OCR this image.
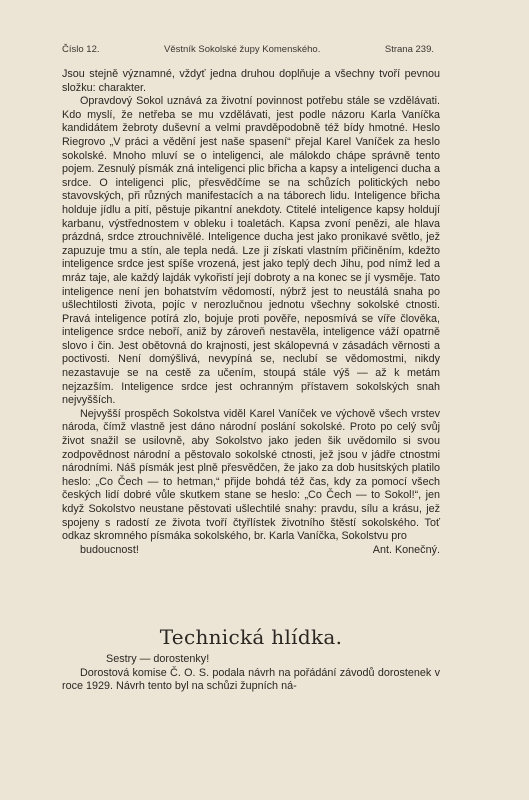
Číslo 12.	Věstník Sokolské župy Komenského.	Strana 239.

Jsou stejně významné, vždyť jedna druhou doplňuje a všechny tvoří pevnou složku: charakter.

Opravdový Sokol uznává za životní povinnost potřebu stále se vzdělávati. Kdo myslí, že netřeba se mu vzdělávati, jest podle názoru Karla Vaníčka kandidátem žebroty duševní a velmi pravděpodobně též bídy hmotné. Heslo Riegrovo „V práci a vědění jest naše spasení“ přejal Karel Vaníček za heslo sokolské. Mnoho mluví se o inteligenci, ale málokdo chápe správně tento pojem. Zesnulý písmák zná inteligenci plic břicha a kapsy a inteligenci ducha a srdce. O inteligenci plic, přesvědčíme se na schůzích politických nebo stavovských, při různých manifestacích a na táborech lidu. Inteligence břicha holduje jídlu a pití, pěstuje pikantní anekdoty. Ctitelé inteligence kapsy holdují karbanu, výstřednostem v obleku i toaletách. Kapsa zvoní penězi, ale hlava prázdná, srdce ztrouchnivělé. Inteligence ducha jest jako pronikavé světlo, jež zapuzuje tmu a stín, ale tepla nedá. Lze ji získati vlastním přičiněním, kdežto inteligence srdce jest spíše vrozená, jest jako teplý dech Jihu, pod nímž led a mráz taje, ale každý lajdák vykořistí její dobroty a na konec se jí vysměje. Tato inteligence není jen bohatstvím vědomostí, nýbrž jest to neustálá snaha po ušlechtilosti života, pojíc v nerozlučnou jednotu všechny sokolské ctnosti. Pravá inteligence potírá zlo, bojuje proti pověře, neposmívá se víře člověka, inteligence srdce neboří, aniž by zároveň nestavěla, inteligence váží opatrně slovo i čin. Jest obětovná do krajnosti, jest skálopevná v zásadách věrnosti a poctivosti. Není domýšlivá, nevypíná se, neclubí se vědomostmi, nikdy nezastavuje se na cestě za učením, stoupá stále výš — až k metám nejzazším. Inteligence srdce jest ochranným přístavem sokolských snah nejvyšších.

Nejvyšší prospěch Sokolstva viděl Karel Vaníček ve výchově všech vrstev národa, čímž vlastně jest dáno národní poslání sokolské. Proto po celý svůj život snažil se usilovně, aby Sokolstvo jako jeden šik uvědomilo si svou zodpovědnost národní a pěstovalo sokolské ctnosti, jež jsou v jádře ctnostmi národními. Náš písmák jest plně přesvědčen, že jako za dob husitských platilo heslo: „Co Čech — to hetman,“ přijde bohdá též čas, kdy za pomocí všech českých lidí dobré vůle skutkem stane se heslo: „Co Čech — to Sokol!“, jen když Sokolstvo neustane pěstovati ušlechtilé snahy: pravdu, sílu a krásu, jež spojeny s radostí ze života tvoří čtyřlístek životního štěstí sokolského. Toť odkaz skromného písmáka sokolského, br. Karla Vaníčka, Sokolstvu pro

budoucnost!	Ant. Konečný.

Technická hlídka.

Sestry — dorostenky!

Dorostová komise Č. O. S. podala návrh na pořádání závodů dorostenek v roce 1929. Návrh tento byl na schůzi župních ná-
